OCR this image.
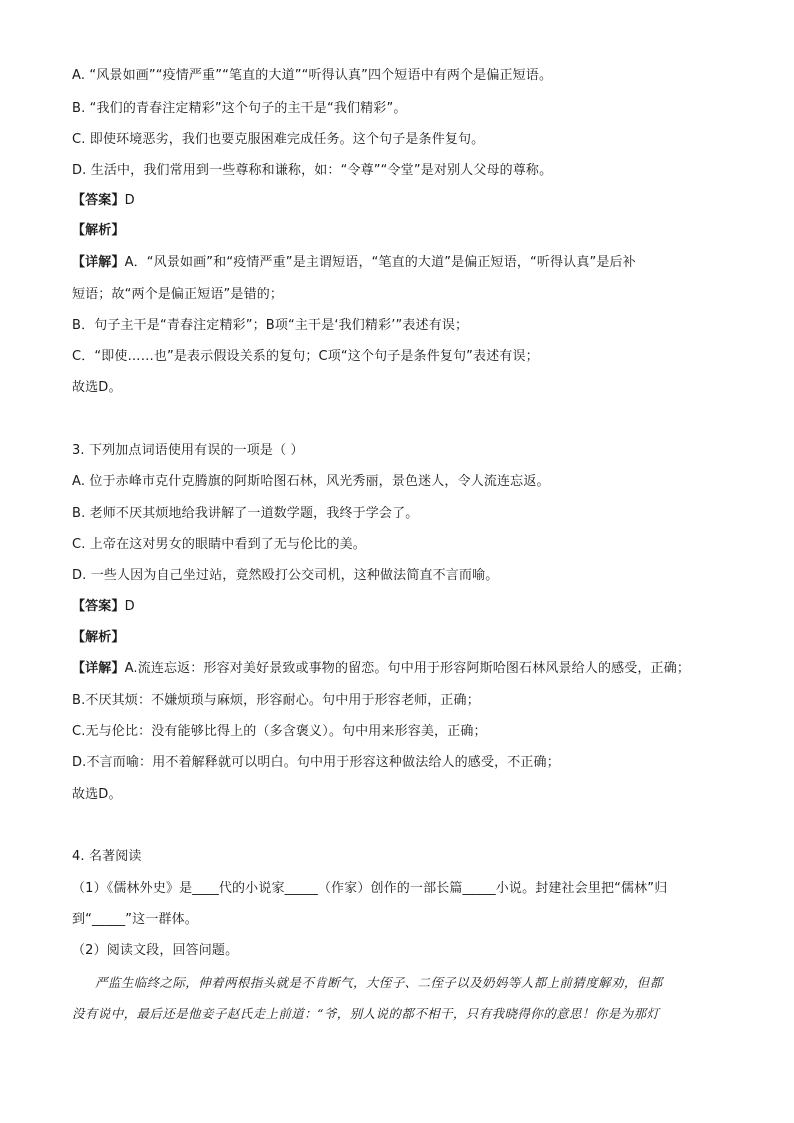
A. “风景如画”“疫情严重”“笔直的大道”“听得认真”四个短语中有两个是偏正短语。
B. “我们的青春注定精彩”这个句子的主干是“我们精彩”。
C. 即使环境恶劣，我们也要克服困难完成任务。这个句子是条件复句。
D. 生活中，我们常用到一些尊称和谦称，如：“令尊”“令堂”是对别人父母的尊称。
【答案】D
【解析】
【详解】A．“风景如画”和“疫情严重”是主谓短语，“笔直的大道”是偏正短语，“听得认真”是后补
短语；故“两个是偏正短语”是错的；
B．句子主干是“青春注定精彩”；B项“主干是‘我们精彩’”表述有误；
C．“即使……也”是表示假设关系的复句；C项“这个句子是条件复句”表述有误；
故选D。
3. 下列加点词语使用有误的一项是（ ）
A. 位于赤峰市克什克腾旗的阿斯哈图石林，风光秀丽，景色迷人，令人流连忘返。
B. 老师不厌其烦地给我讲解了一道数学题，我终于学会了。
C. 上帝在这对男女的眼睛中看到了无与伦比的美。
D. 一些人因为自己坐过站，竟然殴打公交司机，这种做法简直不言而喻。
【答案】D
【解析】
【详解】A.流连忘返：形容对美好景致或事物的留恋。句中用于形容阿斯哈图石林风景给人的感受，正确；
B.不厌其烦：不嫌烦琐与麻烦，形容耐心。句中用于形容老师，正确；
C.无与伦比：没有能够比得上的（多含褒义）。句中用来形容美，正确；
D.不言而喻：用不着解释就可以明白。句中用于形容这种做法给人的感受，不正确；
故选D。
4. 名著阅读
（1）《儒林外史》是____代的小说家_____（作家）创作的一部长篇_____小说。封建社会里把“儒林”归
到“_____”这一群体。
（2）阅读文段，回答问题。
严监生临终之际，伸着两根指头就是不肯断气，大侄子、二侄子以及奶妈等人都上前猜度解劝，但都
没有说中，最后还是他妾子赵氏走上前道：“爷，别人说的都不相干，只有我晓得你的意思！你是为那灯
